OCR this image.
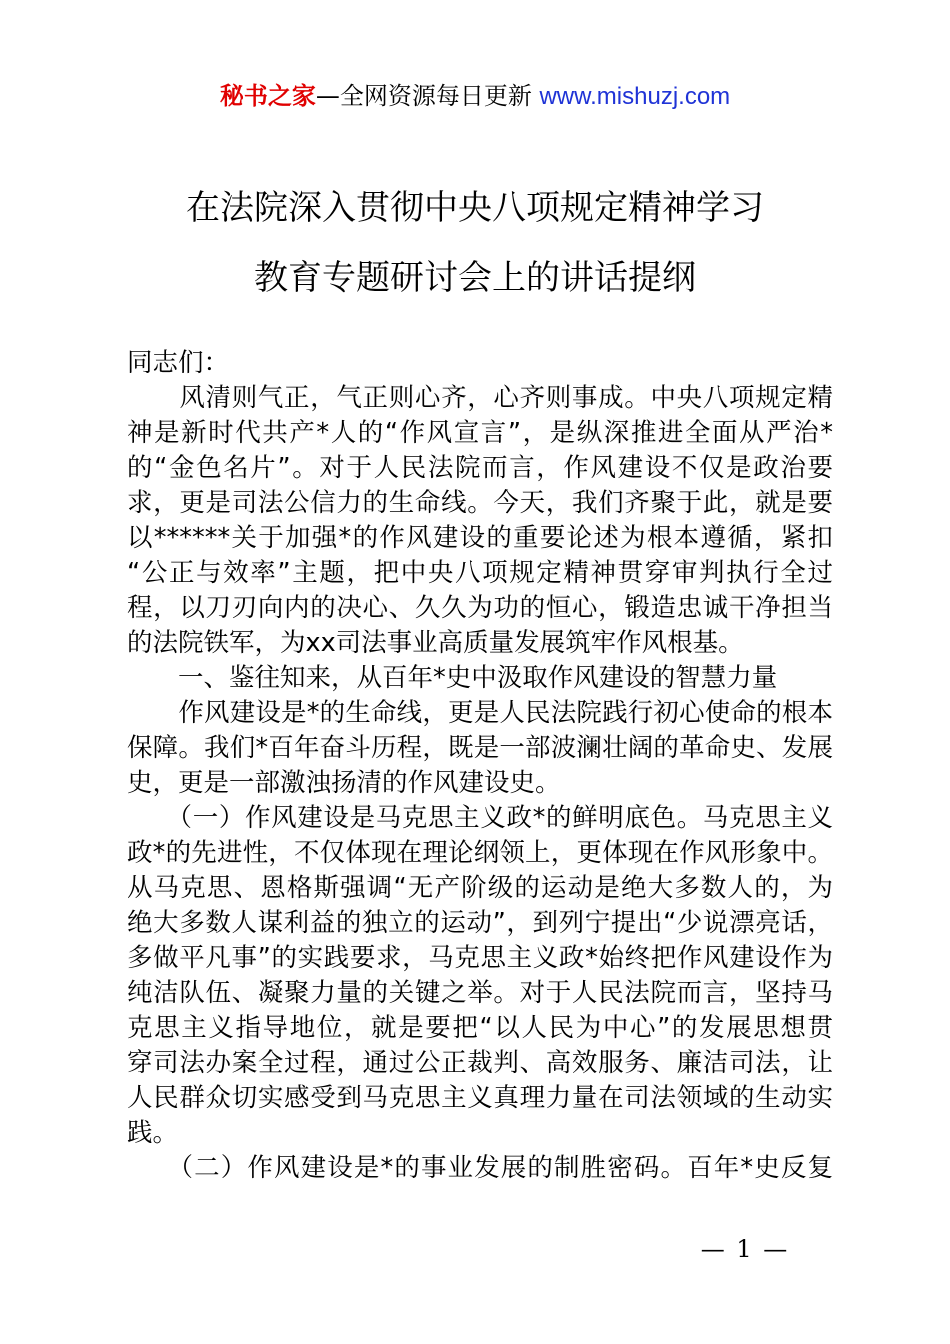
秘书之家—全网资源每日更新 www.mishuzj.com
在法院深入贯彻中央八项规定精神学习
教育专题研讨会上的讲话提纲
同志们：
　　风清则气正，气正则心齐，心齐则事成。中央八项规定精
神是新时代共产*人的“作风宣言”，是纵深推进全面从严治*
的“金色名片”。对于人民法院而言，作风建设不仅是政治要
求，更是司法公信力的生命线。今天，我们齐聚于此，就是要
以******关于加强*的作风建设的重要论述为根本遵循，紧扣
“公正与效率”主题，把中央八项规定精神贯穿审判执行全过
程，以刀刃向内的决心、久久为功的恒心，锻造忠诚干净担当
的法院铁军，为xx司法事业高质量发展筑牢作风根基。
一、鉴往知来，从百年*史中汲取作风建设的智慧力量
　　作风建设是*的生命线，更是人民法院践行初心使命的根本
保障。我们*百年奋斗历程，既是一部波澜壮阔的革命史、发展
史，更是一部激浊扬清的作风建设史。
　　（一）作风建设是马克思主义政*的鲜明底色。马克思主义
政*的先进性，不仅体现在理论纲领上，更体现在作风形象中。
从马克思、恩格斯强调“无产阶级的运动是绝大多数人的，为
绝大多数人谋利益的独立的运动”，到列宁提出“少说漂亮话，
多做平凡事”的实践要求，马克思主义政*始终把作风建设作为
纯洁队伍、凝聚力量的关键之举。对于人民法院而言，坚持马
克思主义指导地位，就是要把“以人民为中心”的发展思想贯
穿司法办案全过程，通过公正裁判、高效服务、廉洁司法，让
人民群众切实感受到马克思主义真理力量在司法领域的生动实
践。
　　（二）作风建设是*的事业发展的制胜密码。百年*史反复
— 1 —
